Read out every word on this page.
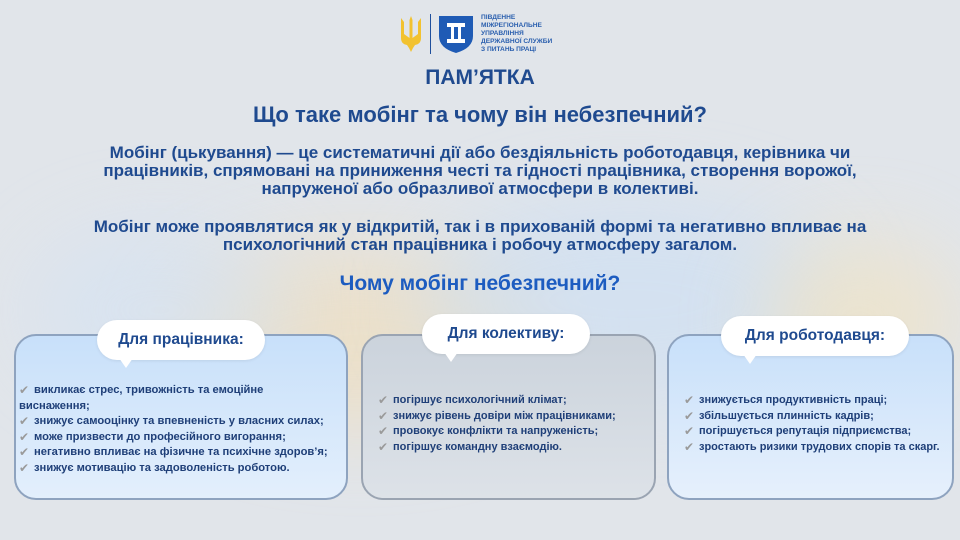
ПІВДЕННЕ
МІЖРЕГІОНАЛЬНЕ
УПРАВЛІННЯ
ДЕРЖАВНОЇ СЛУЖБИ
З ПИТАНЬ ПРАЦІ
ПАМ’ЯТКА
Що таке мобінг та чому він небезпечний?
Мобінг (цькування) — це систематичні дії або бездіяльність роботодавця, керівника чи
працівників, спрямовані на приниження честі та гідності працівника, створення ворожої,
напруженої або образливої атмосфери в колективі.
Мобінг може проявлятися як у відкритій, так і в прихованій формі та негативно впливає на
психологічний стан працівника і робочу атмосферу загалом.
Чому мобінг небезпечний?
Для працівника:	Для колективу:	Для роботодавця:
✔ викликає стрес, тривожність та емоційне
виснаження;
✔ знижує самооцінку та впевненість у власних силах;
✔ може призвести до професійного вигорання;
✔ негативно впливає на фізичне та психічне здоров’я;
✔ знижує мотивацію та задоволеність роботою.
✔ погіршує психологічний клімат;
✔ знижує рівень довіри між працівниками;
✔ провокує конфлікти та напруженість;
✔ погіршує командну взаємодію.
✔ знижується продуктивність праці;
✔ збільшується плинність кадрів;
✔ погіршується репутація підприємства;
✔ зростають ризики трудових спорів та скарг.
